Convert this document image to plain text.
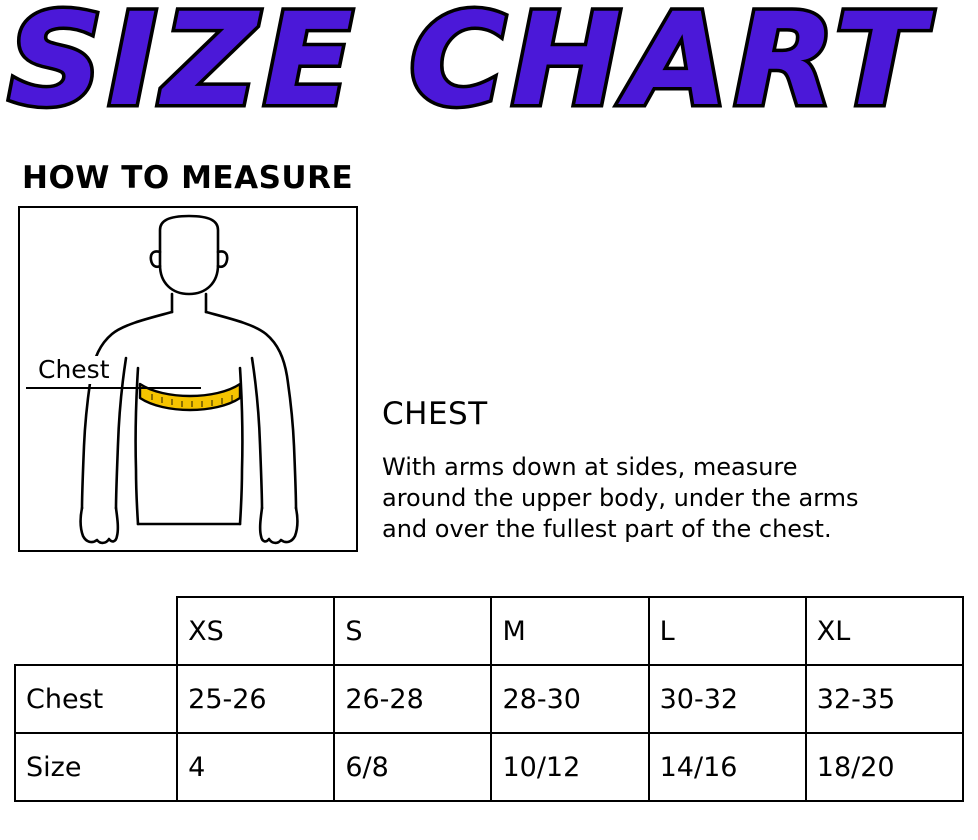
SIZE CHART
HOW TO MEASURE
Chest
CHEST
With arms down at sides, measure
around the upper body, under the arms
and over the fullest part of the chest.
	XS	S	M	L	XL
Chest	25-26	26-28	28-30	30-32	32-35
Size	4	6/8	10/12	14/16	18/20
